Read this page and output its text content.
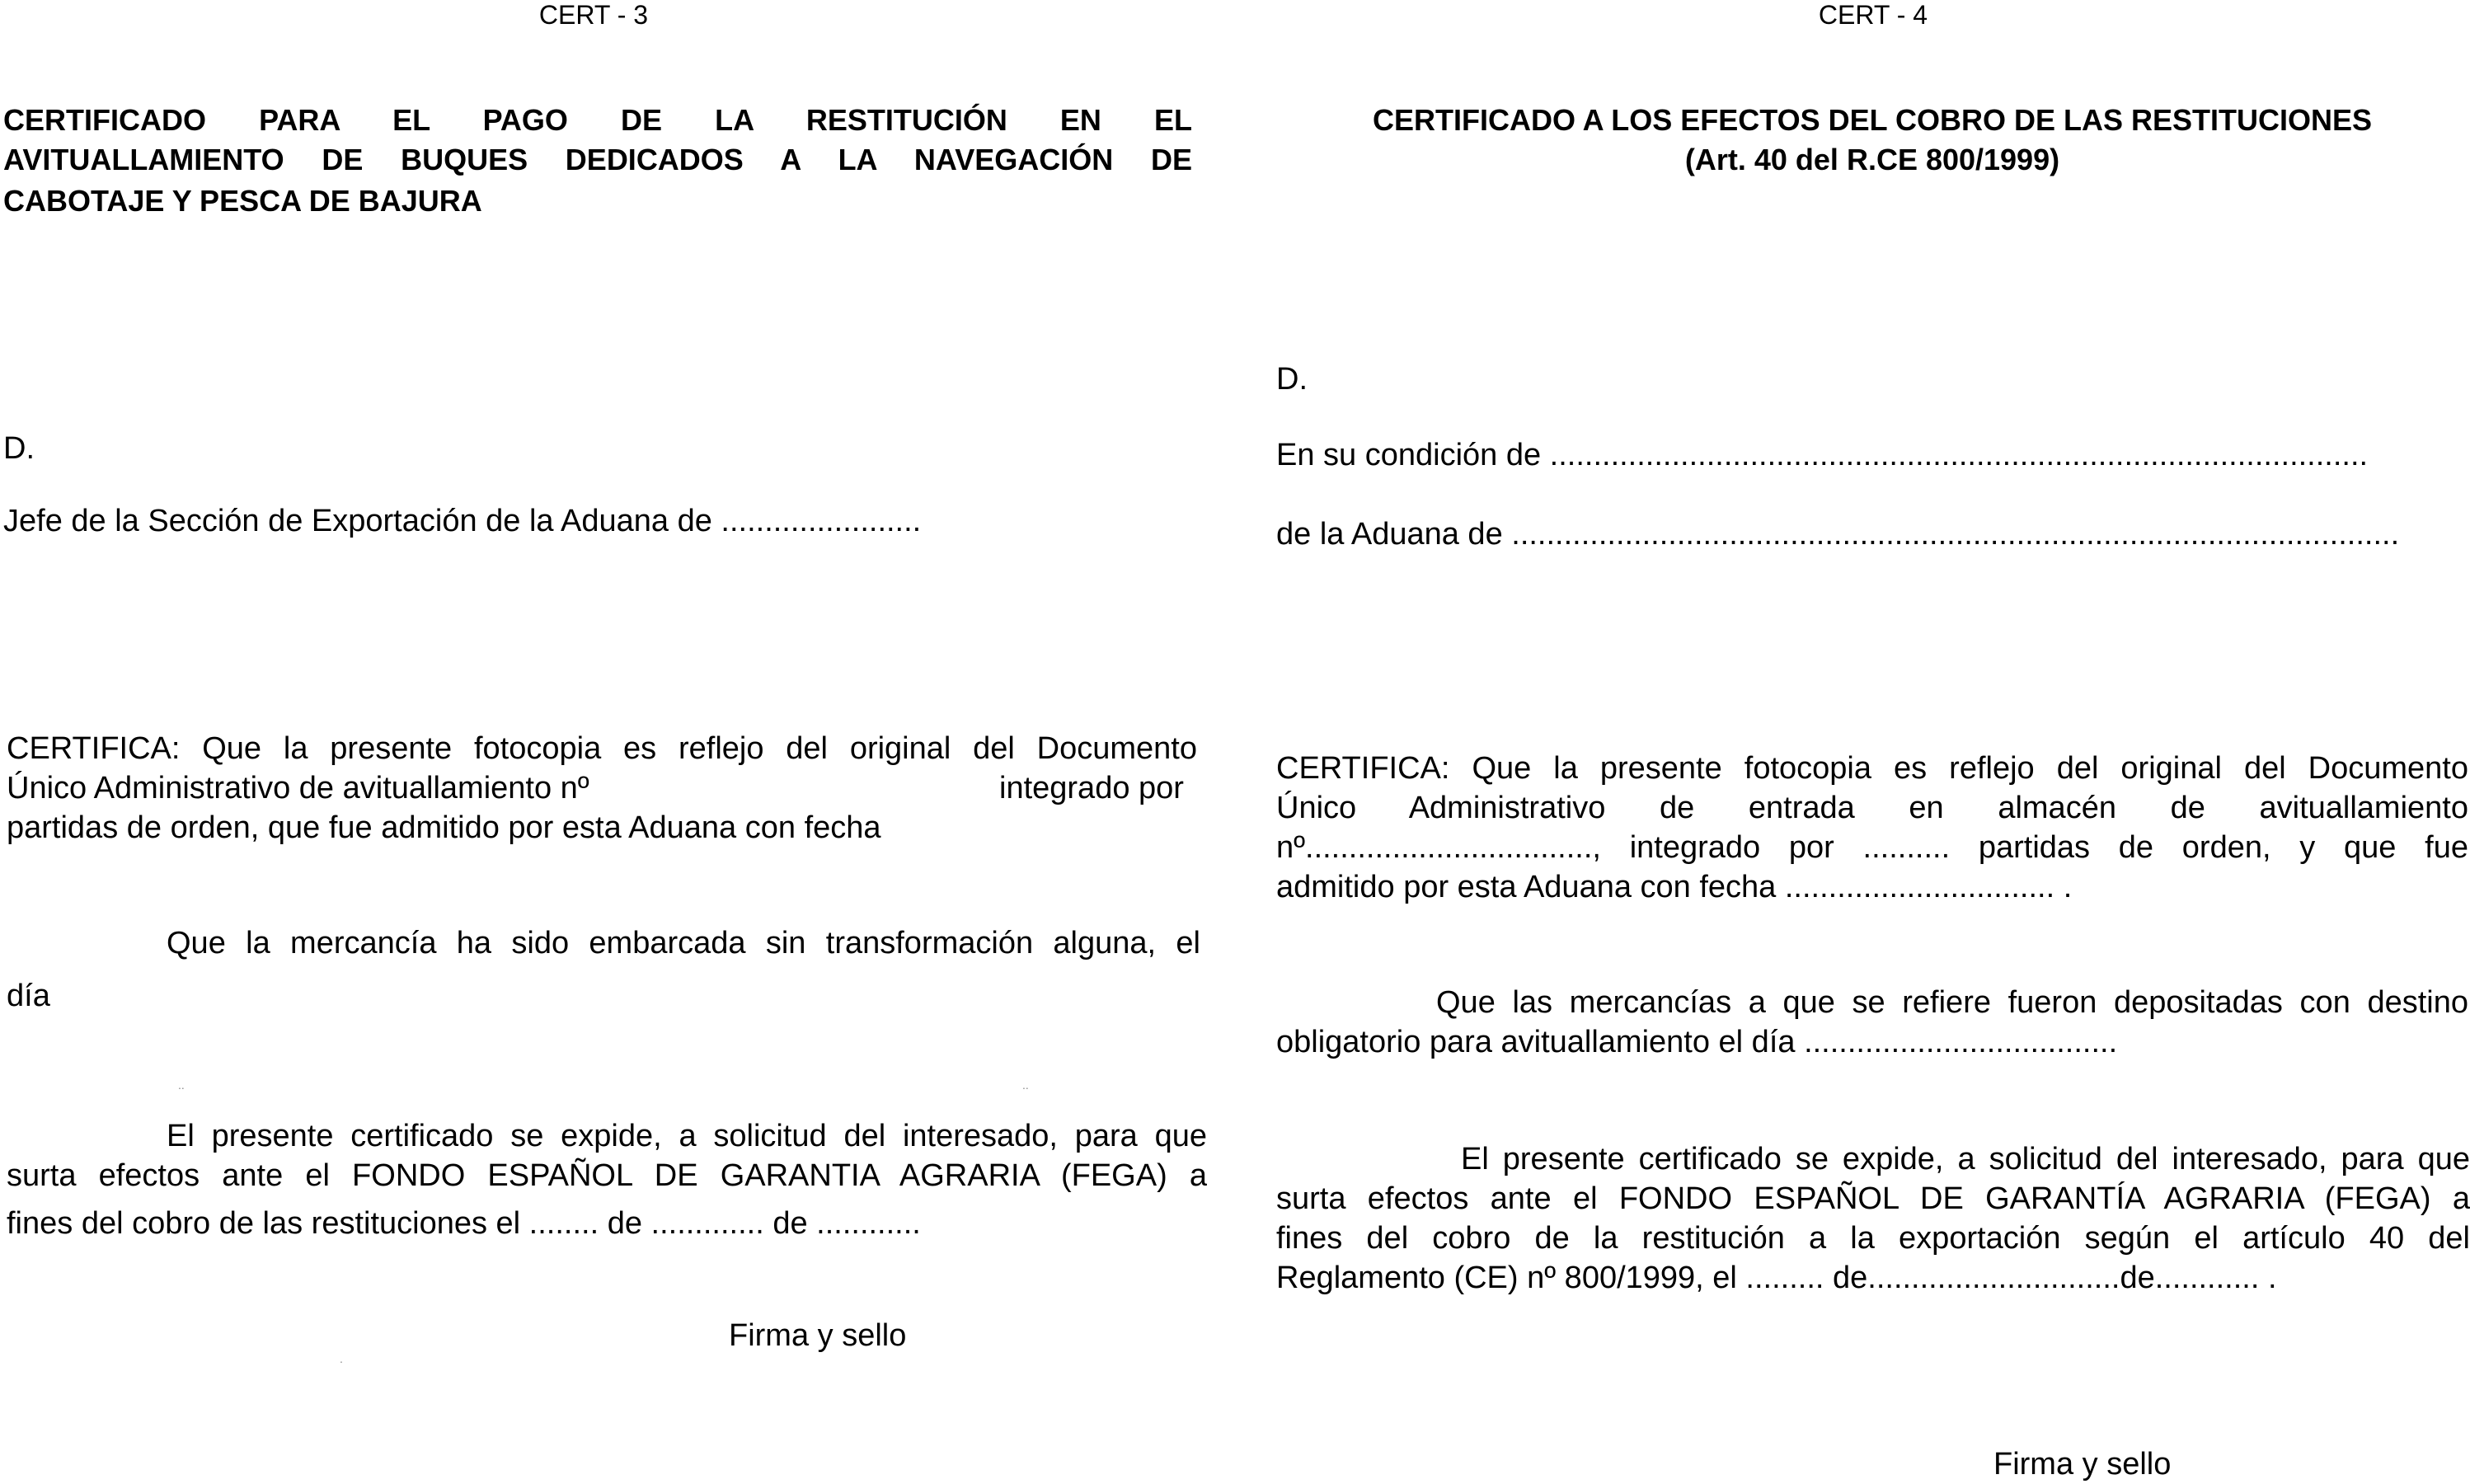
CERT - 3
CERTIFICADO PARA EL PAGO DE LA RESTITUCIÓN EN EL
AVITUALLAMIENTO DE BUQUES DEDICADOS A LA NAVEGACIÓN DE
CABOTAJE Y PESCA DE BAJURA
D.
Jefe de la Sección de Exportación de la Aduana de .......................
CERTIFICA: Que la presente fotocopia es reflejo del original del Documento
Único Administrativo de avituallamiento nº	integrado por
partidas de orden, que fue admitido por esta Aduana con fecha
Que la mercancía ha sido embarcada sin transformación alguna, el
día
..	..
El presente certificado se expide, a solicitud del interesado, para que
surta efectos ante el FONDO ESPAÑOL DE GARANTIA AGRARIA (FEGA) a
fines del cobro de las restituciones el ........ de ............. de ............
Firma y sello
.
CERT - 4
CERTIFICADO A LOS EFECTOS DEL COBRO DE LAS RESTITUCIONES
(Art. 40 del R.CE 800/1999)
D.
En su condición de ..............................................................................................
de la Aduana de ......................................................................................................
CERTIFICA: Que la presente fotocopia es reflejo del original del Documento
Único Administrativo de entrada en almacén de avituallamiento
nº................................., integrado por .......... partidas de orden, y que fue
admitido por esta Aduana con fecha ............................... .
Que las mercancías a que se refiere fueron depositadas con destino
obligatorio para avituallamiento el día ....................................
El presente certificado se expide, a solicitud del interesado, para que
surta efectos ante el FONDO ESPAÑOL DE GARANTÍA AGRARIA (FEGA) a
fines del cobro de la restitución a la exportación según el artículo 40 del
Reglamento (CE) nº 800/1999, el ......... de.............................de............ .
Firma y sello
